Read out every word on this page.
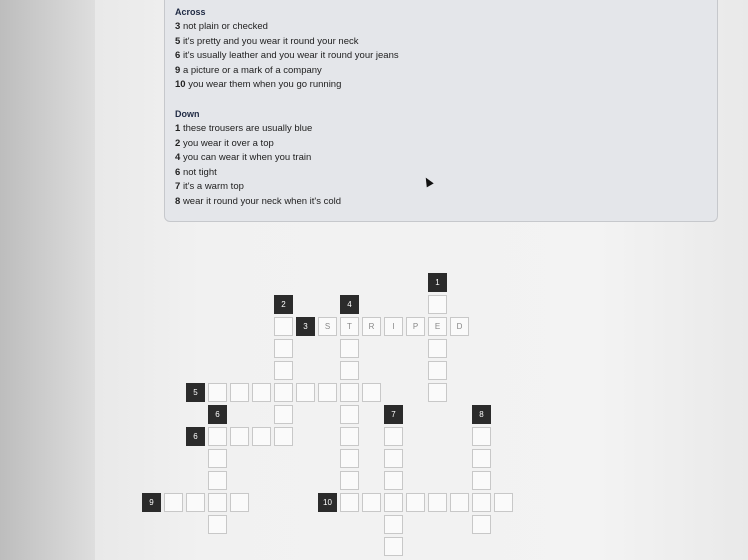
Across
3 not plain or checked
5 it's pretty and you wear it round your neck
6 it's usually leather and you wear it round your jeans
9 a picture or a mark of a company
10 you wear them when you go running
Down
1 these trousers are usually blue
2 you wear it over a top
4 you can wear it when you train
6 not tight
7 it's a warm top
8 wear it round your neck when it's cold
E
S	T	R	I	P	D
1
2	4
3
5
6	7	8
6
9	10
